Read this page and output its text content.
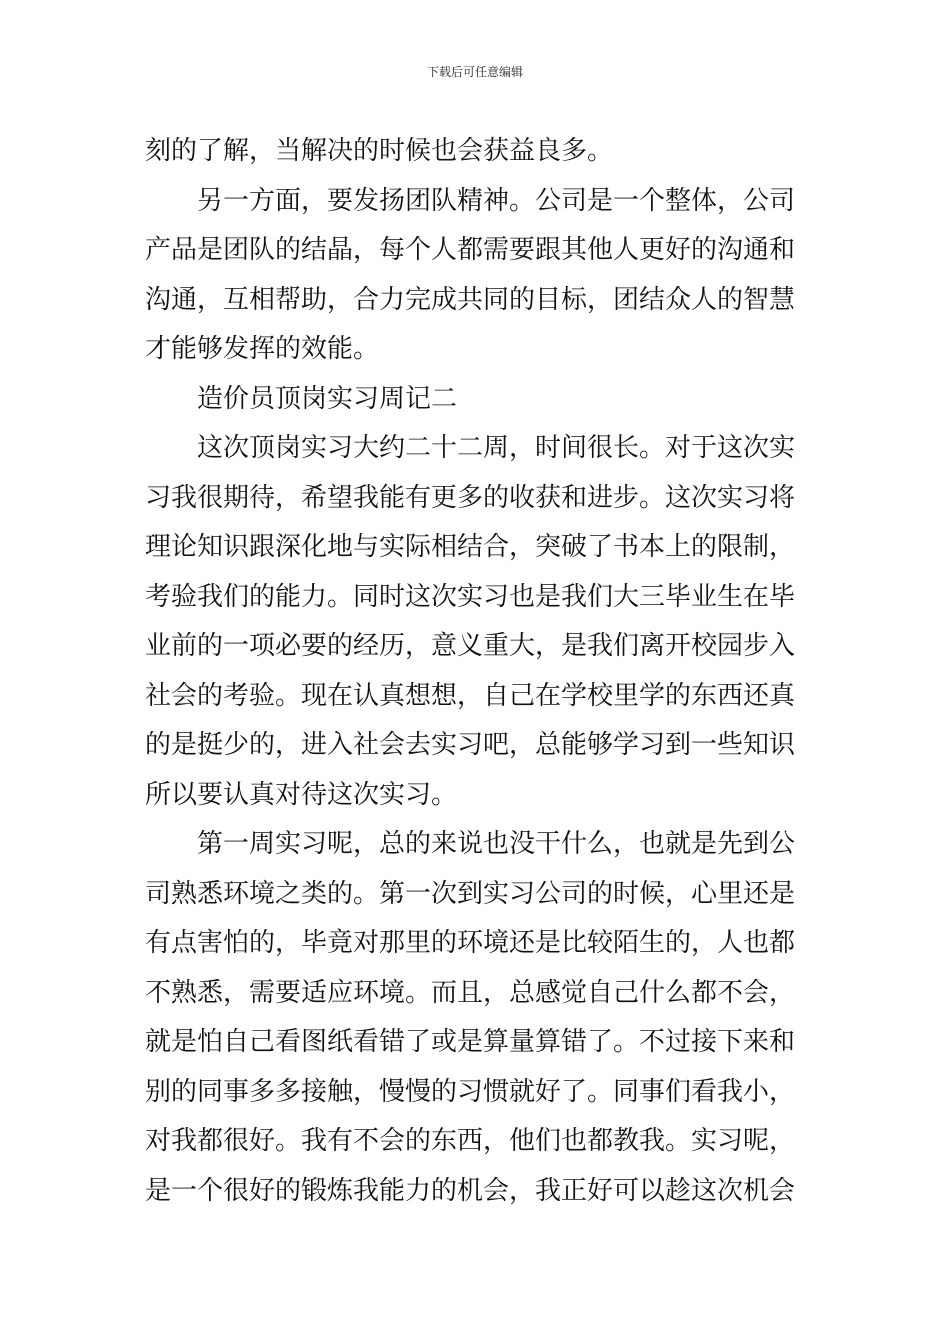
下载后可任意编辑
刻的了解，当解决的时候也会获益良多。
另一方面，要发扬团队精神。公司是一个整体，公司
产品是团队的结晶，每个人都需要跟其他人更好的沟通和
沟通，互相帮助，合力完成共同的目标，团结众人的智慧
才能够发挥的效能。
造价员顶岗实习周记二
这次顶岗实习大约二十二周，时间很长。对于这次实
习我很期待，希望我能有更多的收获和进步。这次实习将
理论知识跟深化地与实际相结合，突破了书本上的限制，
考验我们的能力。同时这次实习也是我们大三毕业生在毕
业前的一项必要的经历，意义重大，是我们离开校园步入
社会的考验。现在认真想想，自己在学校里学的东西还真
的是挺少的，进入社会去实习吧，总能够学习到一些知识
所以要认真对待这次实习。
第一周实习呢，总的来说也没干什么，也就是先到公
司熟悉环境之类的。第一次到实习公司的时候，心里还是
有点害怕的，毕竟对那里的环境还是比较陌生的，人也都
不熟悉，需要适应环境。而且，总感觉自己什么都不会，
就是怕自己看图纸看错了或是算量算错了。不过接下来和
别的同事多多接触，慢慢的习惯就好了。同事们看我小，
对我都很好。我有不会的东西，他们也都教我。实习呢，
是一个很好的锻炼我能力的机会，我正好可以趁这次机会
